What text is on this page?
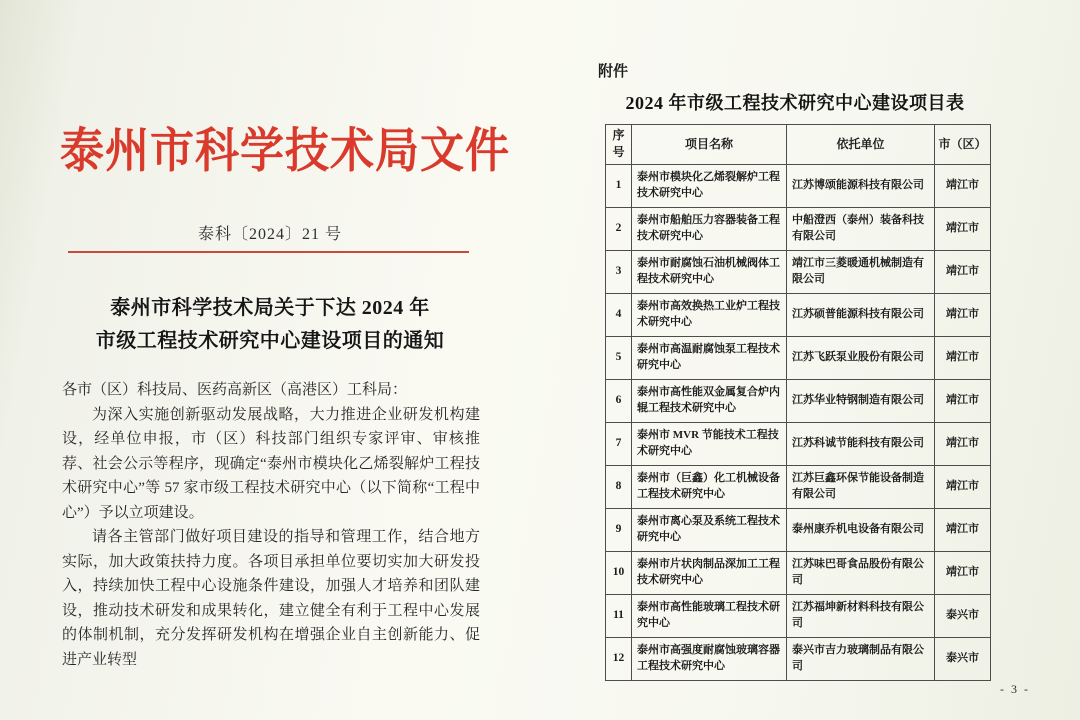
泰州市科学技术局文件
泰科〔2024〕21 号
泰州市科学技术局关于下达 2024 年
市级工程技术研究中心建设项目的通知

各市（区）科技局、医药高新区（高港区）工科局：

为深入实施创新驱动发展战略，大力推进企业研发机构建设，经单位申报，市（区）科技部门组织专家评审、审核推荐、社会公示等程序，现确定“泰州市模块化乙烯裂解炉工程技术研究中心”等 57 家市级工程技术研究中心（以下简称“工程中心”）予以立项建设。

请各主管部门做好项目建设的指导和管理工作，结合地方实际，加大政策扶持力度。各项目承担单位要切实加大研发投入，持续加快工程中心设施条件建设，加强人才培养和团队建设，推动技术研发和成果转化，建立健全有利于工程中心发展的体制机制，充分发挥研发机构在增强企业自主创新能力、促进产业转型

附件
2024 年市级工程技术研究中心建设项目表
序号	项目名称	依托单位	市（区）
1	泰州市模块化乙烯裂解炉工程技术研究中心	江苏博颂能源科技有限公司	靖江市
2	泰州市船舶压力容器装备工程技术研究中心	中船澄西（泰州）装备科技有限公司	靖江市
3	泰州市耐腐蚀石油机械阀体工程技术研究中心	靖江市三菱暖通机械制造有限公司	靖江市
4	泰州市高效换热工业炉工程技术研究中心	江苏硕普能源科技有限公司	靖江市
5	泰州市高温耐腐蚀泵工程技术研究中心	江苏飞跃泵业股份有限公司	靖江市
6	泰州市高性能双金属复合炉内辊工程技术研究中心	江苏华业特钢制造有限公司	靖江市
7	泰州市 MVR 节能技术工程技术研究中心	江苏科诚节能科技有限公司	靖江市
8	泰州市（巨鑫）化工机械设备工程技术研究中心	江苏巨鑫环保节能设备制造有限公司	靖江市
9	泰州市离心泵及系统工程技术研究中心	泰州康乔机电设备有限公司	靖江市
10	泰州市片状肉制品深加工工程技术研究中心	江苏味巴哥食品股份有限公司	靖江市
11	泰州市高性能玻璃工程技术研究中心	江苏福坤新材料科技有限公司	泰兴市
12	泰州市高强度耐腐蚀玻璃容器工程技术研究中心	泰兴市吉力玻璃制品有限公司	泰兴市
- 3 -
